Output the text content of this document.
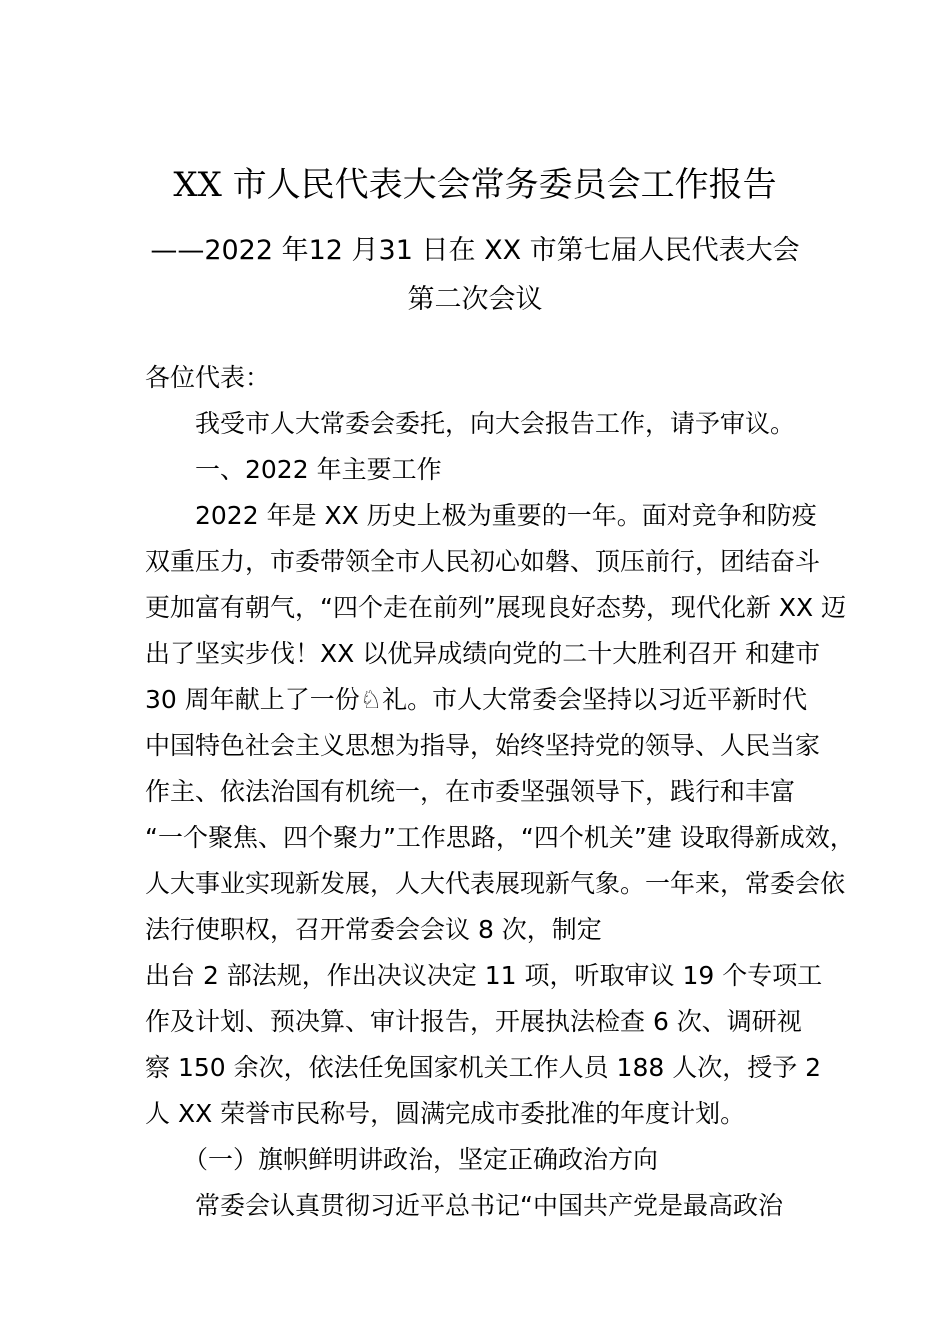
XX 市人民代表大会常务委员会工作报告
——2022 年12 月31 日在 XX 市第七届人民代表大会
第二次会议
各位代表：
我受市人大常委会委托，向大会报告工作，请予审议。
一、2022 年主要工作
2022 年是 XX 历史上极为重要的一年。面对竞争和防疫
双重压力，市委带领全市人民初心如磐、顶压前行，团结奋斗
更加富有朝气，“四个走在前列”展现良好态势，现代化新 XX 迈
出了坚实步伐！XX 以优异成绩向党的二十大胜利召开 和建市
30 周年献上了一份♘礼。市人大常委会坚持以习近平新时代
中国特色社会主义思想为指导，始终坚持党的领导、人民当家
作主、依法治国有机统一，在市委坚强领导下，践行和丰富
“一个聚焦、四个聚力”工作思路，“四个机关”建 设取得新成效，
人大事业实现新发展，人大代表展现新气象。一年来，常委会依
法行使职权，召开常委会会议 8 次，制定
出台 2 部法规，作出决议决定 11 项，听取审议 19 个专项工
作及计划、预决算、审计报告，开展执法检查 6 次、调研视
察 150 余次，依法任免国家机关工作人员 188 人次，授予 2
人 XX 荣誉市民称号，圆满完成市委批准的年度计划。
（一）旗帜鲜明讲政治，坚定正确政治方向
常委会认真贯彻习近平总书记“中国共产党是最高政治
